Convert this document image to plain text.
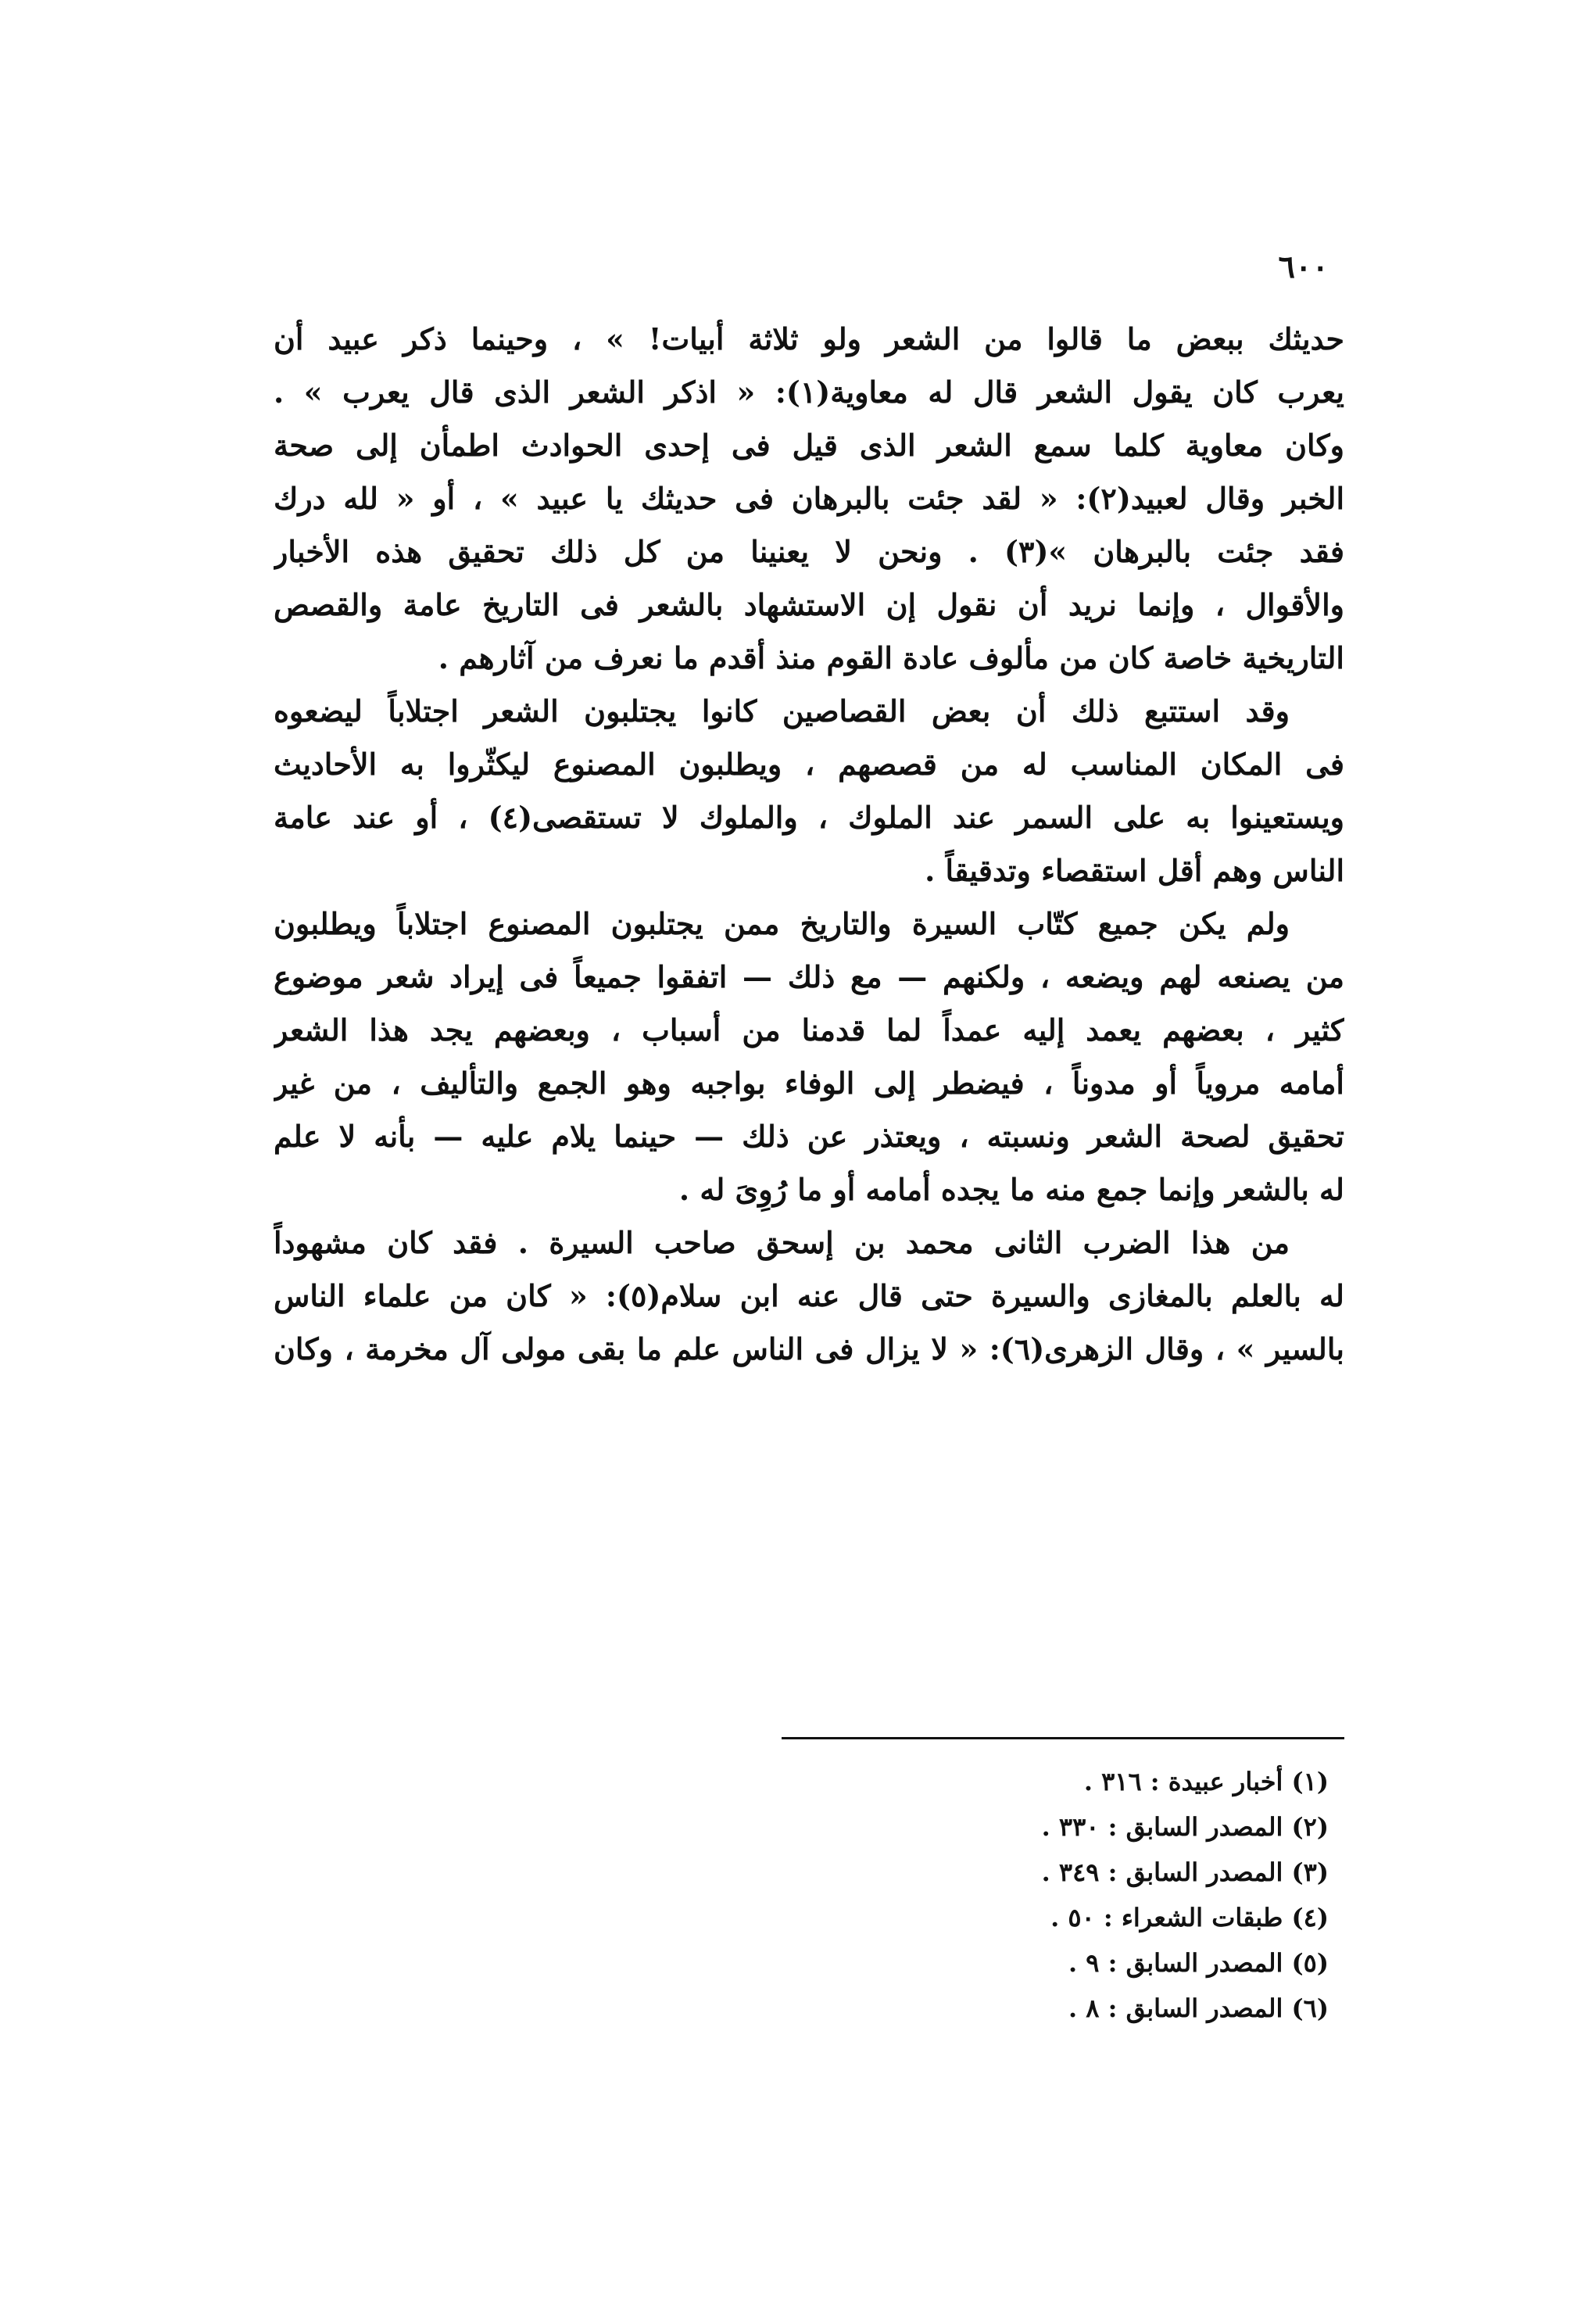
٦٠٠
حديثك ببعض ما قالوا من الشعر ولو ثلاثة أبيات! » ، وحينما ذكر عبيد أن
يعرب كان يقول الشعر قال له معاوية(١): « اذكر الشعر الذى قال يعرب » .
وكان معاوية كلما سمع الشعر الذى قيل فى إحدى الحوادث اطمأن إلى صحة
الخبر وقال لعبيد(٢): « لقد جئت بالبرهان فى حديثك يا عبيد » ، أو « لله درك
فقد جئت بالبرهان »(٣) . ونحن لا يعنينا من كل ذلك تحقيق هذه الأخبار
والأقوال ، وإنما نريد أن نقول إن الاستشهاد بالشعر فى التاريخ عامة والقصص
التاريخية خاصة كان من مألوف عادة القوم منذ أقدم ما نعرف من آثارهم .
وقد استتبع ذلك أن بعض القصاصين كانوا يجتلبون الشعر اجتلاباً ليضعوه
فى المكان المناسب له من قصصهم ، ويطلبون المصنوع ليكثّروا به الأحاديث
ويستعينوا به على السمر عند الملوك ، والملوك لا تستقصى(٤) ، أو عند عامة
الناس وهم أقل استقصاء وتدقيقاً .
ولم يكن جميع كتّاب السيرة والتاريخ ممن يجتلبون المصنوع اجتلاباً ويطلبون
من يصنعه لهم ويضعه ، ولكنهم — مع ذلك — اتفقوا جميعاً فى إيراد شعر موضوع
كثير ، بعضهم يعمد إليه عمداً لما قدمنا من أسباب ، وبعضهم يجد هذا الشعر
أمامه مروياً أو مدوناً ، فيضطر إلى الوفاء بواجبه وهو الجمع والتأليف ، من غير
تحقيق لصحة الشعر ونسبته ، ويعتذر عن ذلك — حينما يلام عليه — بأنه لا علم
له بالشعر وإنما جمع منه ما يجده أمامه أو ما رُوِىَ له .
من هذا الضرب الثانى محمد بن إسحق صاحب السيرة . فقد كان مشهوداً
له بالعلم بالمغازى والسيرة حتى قال عنه ابن سلام(٥): « كان من علماء الناس
بالسير » ، وقال الزهرى(٦): « لا يزال فى الناس علم ما بقى مولى آل مخرمة ، وكان
(١) أخبار عبيدة : ٣١٦ .
(٢) المصدر السابق : ٣٣٠ .
(٣) المصدر السابق : ٣٤٩ .
(٤) طبقات الشعراء : ٥٠ .
(٥) المصدر السابق : ٩ .
(٦) المصدر السابق : ٨ .
